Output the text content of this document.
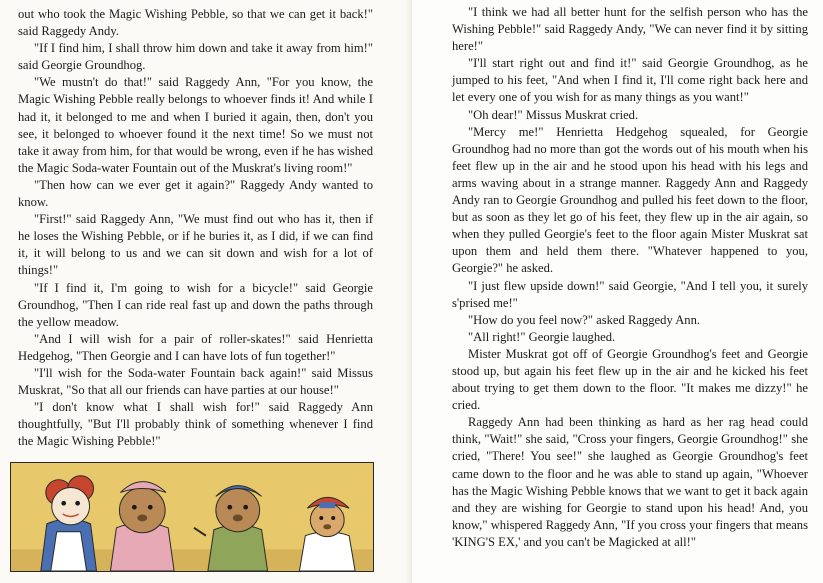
out who took the Magic Wishing Pebble, so that we can get it back!" said Raggedy Andy.

"If I find him, I shall throw him down and take it away from him!" said Georgie Groundhog.

"We mustn't do that!" said Raggedy Ann, "For you know, the Magic Wishing Pebble really belongs to whoever finds it! And while I had it, it belonged to me and when I buried it again, then, don't you see, it belonged to whoever found it the next time! So we must not take it away from him, for that would be wrong, even if he has wished the Magic Soda-water Fountain out of the Muskrat's living room!"

"Then how can we ever get it again?" Raggedy Andy wanted to know.

"First!" said Raggedy Ann, "We must find out who has it, then if he loses the Wishing Pebble, or if he buries it, as I did, if we can find it, it will belong to us and we can sit down and wish for a lot of things!"

"If I find it, I'm going to wish for a bicycle!" said Georgie Groundhog, "Then I can ride real fast up and down the paths through the yellow meadow.

"And I will wish for a pair of roller-skates!" said Henrietta Hedgehog, "Then Georgie and I can have lots of fun together!"

"I'll wish for the Soda-water Fountain back again!" said Missus Muskrat, "So that all our friends can have parties at our house!"

"I don't know what I shall wish for!" said Raggedy Ann thoughtfully, "But I'll probably think of something whenever I find the Magic Wishing Pebble!"

"I think we had all better hunt for the selfish person who has the Wishing Pebble!" said Raggedy Andy, "We can never find it by sitting here!"

"I'll start right out and find it!" said Georgie Groundhog, as he jumped to his feet, "And when I find it, I'll come right back here and let every one of you wish for as many things as you want!"

"Oh dear!" Missus Muskrat cried.

"Mercy me!" Henrietta Hedgehog squealed, for Georgie Groundhog had no more than got the words out of his mouth when his feet flew up in the air and he stood upon his head with his legs and arms waving about in a strange manner. Raggedy Ann and Raggedy Andy ran to Georgie Groundhog and pulled his feet down to the floor, but as soon as they let go of his feet, they flew up in the air again, so when they pulled Georgie's feet to the floor again Mister Muskrat sat upon them and held them there. "Whatever happened to you, Georgie?" he asked.

"I just flew upside down!" said Georgie, "And I tell you, it surely s'prised me!"

"How do you feel now?" asked Raggedy Ann.

"All right!" Georgie laughed.

Mister Muskrat got off of Georgie Groundhog's feet and Georgie stood up, but again his feet flew up in the air and he kicked his feet about trying to get them down to the floor. "It makes me dizzy!" he cried.

Raggedy Ann had been thinking as hard as her rag head could think, "Wait!" she said, "Cross your fingers, Georgie Groundhog!" she cried, "There! You see!" she laughed as Georgie Groundhog's feet came down to the floor and he was able to stand up again, "Whoever has the Magic Wishing Pebble knows that we want to get it back again and they are wishing for Georgie to stand upon his head! And, you know," whispered Raggedy Ann, "If you cross your fingers that means 'KING'S EX,' and you can't be Magicked at all!"
